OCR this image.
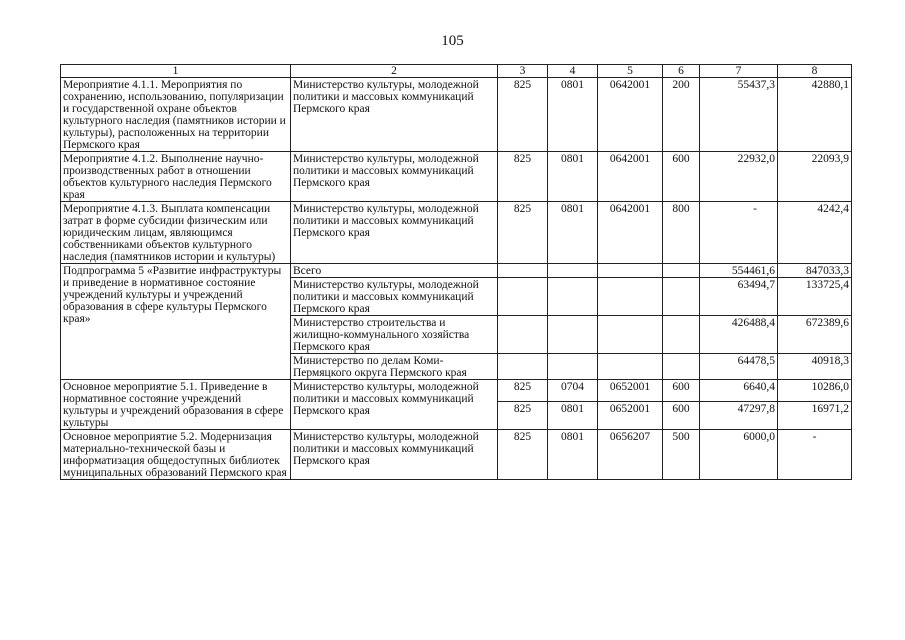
105
1	2	3	4	5	6	7	8
Мероприятие 4.1.1. Мероприятия по сохранению, использованию, популяризации и государственной охране объектов культурного наследия (памятников истории и культуры), расположенных на территории Пермского края	Министерство культуры, молодежной политики и массовых коммуникаций Пермского края	825	0801	0642001	200	55437,3	42880,1
Мероприятие 4.1.2. Выполнение научно-производственных работ в отношении объектов культурного наследия Пермского края	Министерство культуры, молодежной политики и массовых коммуникаций Пермского края	825	0801	0642001	600	22932,0	22093,9
Мероприятие 4.1.3. Выплата компенсации затрат в форме субсидии физическим или юридическим лицам, являющимся собственниками объектов культурного наследия (памятников истории и культуры)	Министерство культуры, молодежной политики и массовых коммуникаций Пермского края	825	0801	0642001	800	-	4242,4
Подпрограмма 5 «Развитие инфраструктуры и приведение в нормативное состояние учреждений культуры и учреждений образования в сфере культуры Пермского края»	Всего					554461,6	847033,3
	Министерство культуры, молодежной политики и массовых коммуникаций Пермского края					63494,7	133725,4
	Министерство строительства и жилищно-коммунального хозяйства Пермского края					426488,4	672389,6
	Министерство по делам Коми-Пермяцкого округа Пермского края					64478,5	40918,3
Основное мероприятие 5.1. Приведение в нормативное состояние учреждений культуры и учреждений образования в сфере культуры	Министерство культуры, молодежной политики и массовых коммуникаций Пермского края	825	0704	0652001	600	6640,4	10286,0
		825	0801	0652001	600	47297,8	16971,2
Основное мероприятие 5.2. Модернизация материально-технической базы и информатизация общедоступных библиотек муниципальных образований Пермского края	Министерство культуры, молодежной политики и массовых коммуникаций Пермского края	825	0801	0656207	500	6000,0	-
